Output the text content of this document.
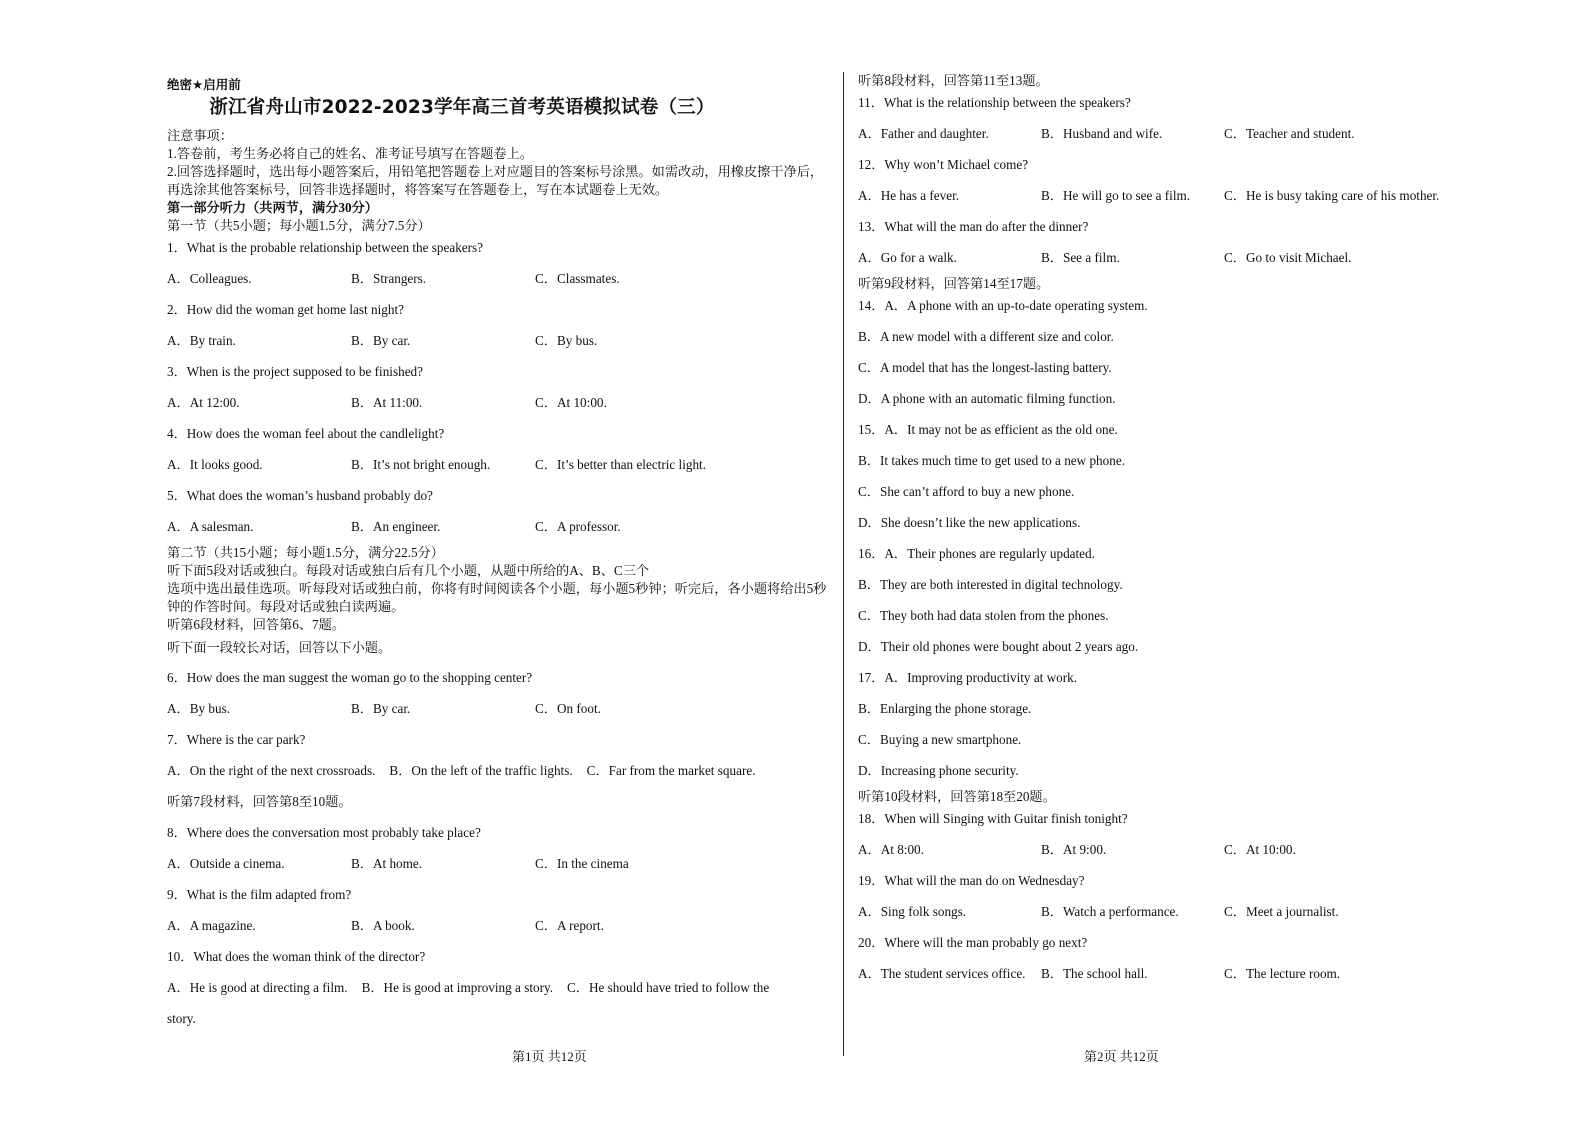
绝密★启用前
浙江省舟山市2022-2023学年高三首考英语模拟试卷（三）
注意事项：
1.答卷前，考生务必将自己的姓名、准考证号填写在答题卷上。
2.回答选择题时，选出每小题答案后，用铅笔把答题卷上对应题目的答案标号涂黑。如需改动，用橡皮擦干净后，再选涂其他答案标号，回答非选择题时，将答案写在答题卷上，写在本试题卷上无效。
第一部分听力（共两节，满分30分）
第一节（共5小题；每小题1.5分，满分7.5分）
1．What is the probable relationship between the speakers?
A．Colleagues.	B．Strangers.	C．Classmates.
2．How did the woman get home last night?
A．By train.	B．By car.	C．By bus.
3．When is the project supposed to be finished?
A．At 12:00.	B．At 11:00.	C．At 10:00.
4．How does the woman feel about the candlelight?
A．It looks good.	B．It’s not bright enough.	C．It’s better than electric light.
5．What does the woman’s husband probably do?
A．A salesman.	B．An engineer.	C．A professor.
第二节（共15小题；每小题1.5分，满分22.5分）
听下面5段对话或独白。每段对话或独白后有几个小题，从题中所给的A、B、C三个
选项中选出最佳选项。听每段对话或独白前，你将有时间阅读各个小题，每小题5秒钟；听完后，各小题将给出5秒钟的作答时间。每段对话或独白读两遍。
听第6段材料，回答第6、7题。
听下面一段较长对话，回答以下小题。
6．How does the man suggest the woman go to the shopping center?
A．By bus.	B．By car.	C．On foot.
7．Where is the car park?
A．On the right of the next crossroads. B．On the left of the traffic lights. C．Far from the market square.
听第7段材料，回答第8至10题。
8．Where does the conversation most probably take place?
A．Outside a cinema.	B．At home.	C．In the cinema
9．What is the film adapted from?
A．A magazine.	B．A book.	C．A report.
10．What does the woman think of the director?
A．He is good at directing a film. B．He is good at improving a story. C．He should have tried to follow the
story.
听第8段材料，回答第11至13题。
11．What is the relationship between the speakers?
A．Father and daughter.	B．Husband and wife.	C．Teacher and student.
12．Why won’t Michael come?
A．He has a fever.	B．He will go to see a film.	C．He is busy taking care of his mother.
13．What will the man do after the dinner?
A．Go for a walk.	B．See a film.	C．Go to visit Michael.
听第9段材料，回答第14至17题。
14．A．A phone with an up-to-date operating system.
B．A new model with a different size and color.
C．A model that has the longest-lasting battery.
D．A phone with an automatic filming function.
15．A．It may not be as efficient as the old one.
B．It takes much time to get used to a new phone.
C．She can’t afford to buy a new phone.
D．She doesn’t like the new applications.
16．A．Their phones are regularly updated.
B．They are both interested in digital technology.
C．They both had data stolen from the phones.
D．Their old phones were bought about 2 years ago.
17．A．Improving productivity at work.
B．Enlarging the phone storage.
C．Buying a new smartphone.
D．Increasing phone security.
听第10段材料，回答第18至20题。
18．When will Singing with Guitar finish tonight?
A．At 8:00.	B．At 9:00.	C．At 10:00.
19．What will the man do on Wednesday?
A．Sing folk songs.	B．Watch a performance.	C．Meet a journalist.
20．Where will the man probably go next?
A．The student services office.	B．The school hall.	C．The lecture room.
第1页 共12页	第2页 共12页
